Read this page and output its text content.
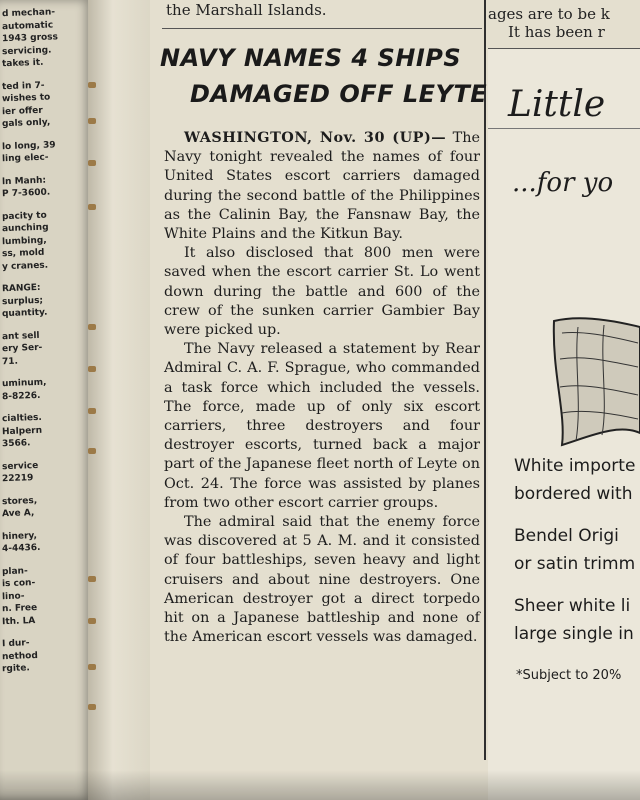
d mechan-
automatic
1943 gross
servicing.
takes it.
ted in 7-
wishes to
ier offer
gals only,
lo long, 39
ling elec-
ln Manh:
P 7-3600.
pacity to
aunching
lumbing,
ss, mold
y cranes.
RANGE:
surplus;
quantity.
ant sell
ery Ser-
71.
uminum,
8-8226.
cialties.
Halpern
3566.
service
22219
stores,
Ave A,
hinery,
4-4436.
plan-
is con-
lino-
n. Free
Ith. LA
I dur-
nethod
rgite.
the Marshall Islands.	ages are to be k
It has been r
NAVY NAMES 4 SHIPS
DAMAGED OFF LEYTE

WASHINGTON, Nov. 30 (UP)— The Navy tonight revealed the names of four United States escort carriers damaged during the second battle of the Philippines as the Calinin Bay, the Fansnaw Bay, the White Plains and the Kitkun Bay.

It also disclosed that 800 men were saved when the escort carrier St. Lo went down during the battle and 600 of the crew of the sunken carrier Gambier Bay were picked up.

The Navy released a statement by Rear Admiral C. A. F. Sprague, who commanded a task force which included the vessels. The force, made up of only six escort carriers, three destroyers and four destroyer escorts, turned back a major part of the Japanese fleet north of Leyte on Oct. 24. The force was assisted by planes from two other escort carrier groups.

The admiral said that the enemy force was discovered at 5 A. M. and it consisted of four battleships, seven heavy and light cruisers and about nine destroyers. One American destroyer got a direct torpedo hit on a Japanese battleship and none of the American escort vessels was damaged.

Little
...for yo
White importe
bordered with
Bendel Origi
or satin trimm
Sheer white li
large single in
*Subject to 20%
